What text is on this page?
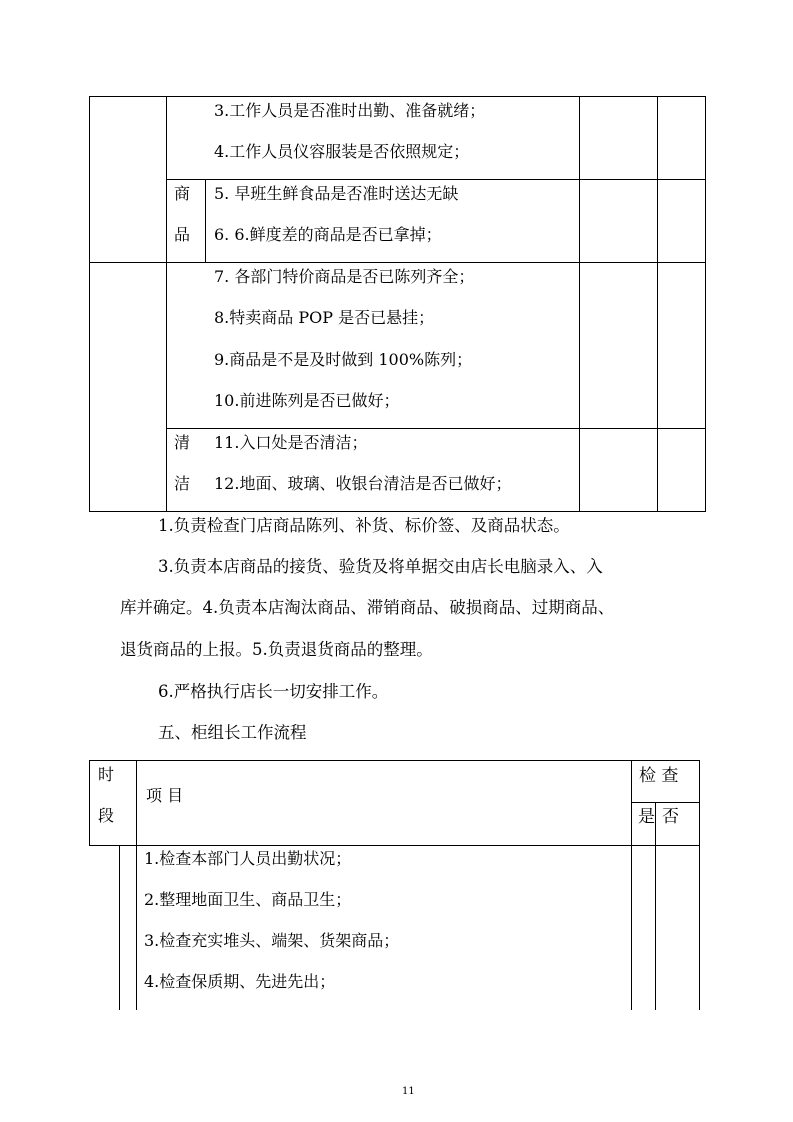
商
品
清
洁
3.工作人员是否准时出勤、准备就绪；
4.工作人员仪容服装是否依照规定；
5. 早班生鲜食品是否准时送达无缺
6. 6.鲜度差的商品是否已拿掉；
7. 各部门特价商品是否已陈列齐全；
8.特卖商品 POP 是否已悬挂；
9.商品是不是及时做到 100%陈列；
10.前进陈列是否已做好；
11.入口处是否清洁；
12.地面、玻璃、收银台清洁是否已做好；
1.负责检查门店商品陈列、补货、标价签、及商品状态。
3.负责本店商品的接货、验货及将单据交由店长电脑录入、入
库并确定。4.负责本店淘汰商品、滞销商品、破损商品、过期商品、
退货商品的上报。5.负责退货商品的整理。
6.严格执行店长一切安排工作。
五、柜组长工作流程
时
段
项 目
检 查
是 否
1.检查本部门人员出勤状况；
2.整理地面卫生、商品卫生；
3.检查充实堆头、端架、货架商品；
4.检查保质期、先进先出；
11
